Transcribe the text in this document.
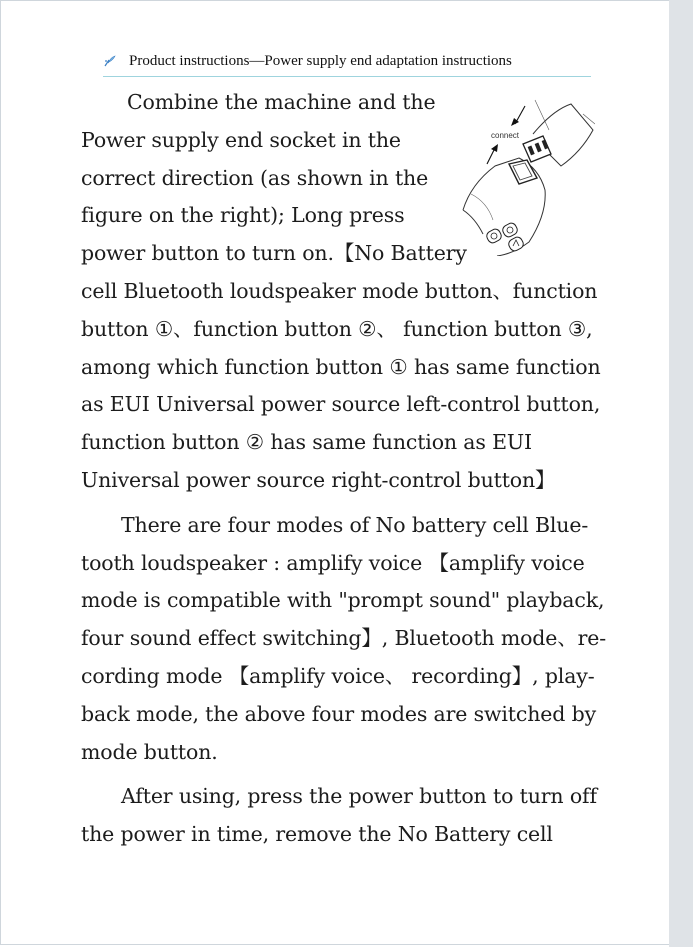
Product instructions—Power supply end adaptation instructions
Combine the machine and the
Power supply end socket in the
correct direction (as shown in the
figure on the right); Long press
power button to turn on.【No Battery
cell Bluetooth loudspeaker mode button、function
button ①、function button ②、 function button ③,
among which function button ① has same function
as EUI Universal power source left-control button,
function button ② has same function as EUI
Universal power source right-control button】
There are four modes of No battery cell Blue-
tooth loudspeaker : amplify voice 【amplify voice
mode is compatible with "prompt sound" playback,
four sound effect switching】, Bluetooth mode、re-
cording mode 【amplify voice、 recording】, play-
back mode, the above four modes are switched by
mode button.
After using, press the power button to turn off
the power in time, remove the No Battery cell
connect
